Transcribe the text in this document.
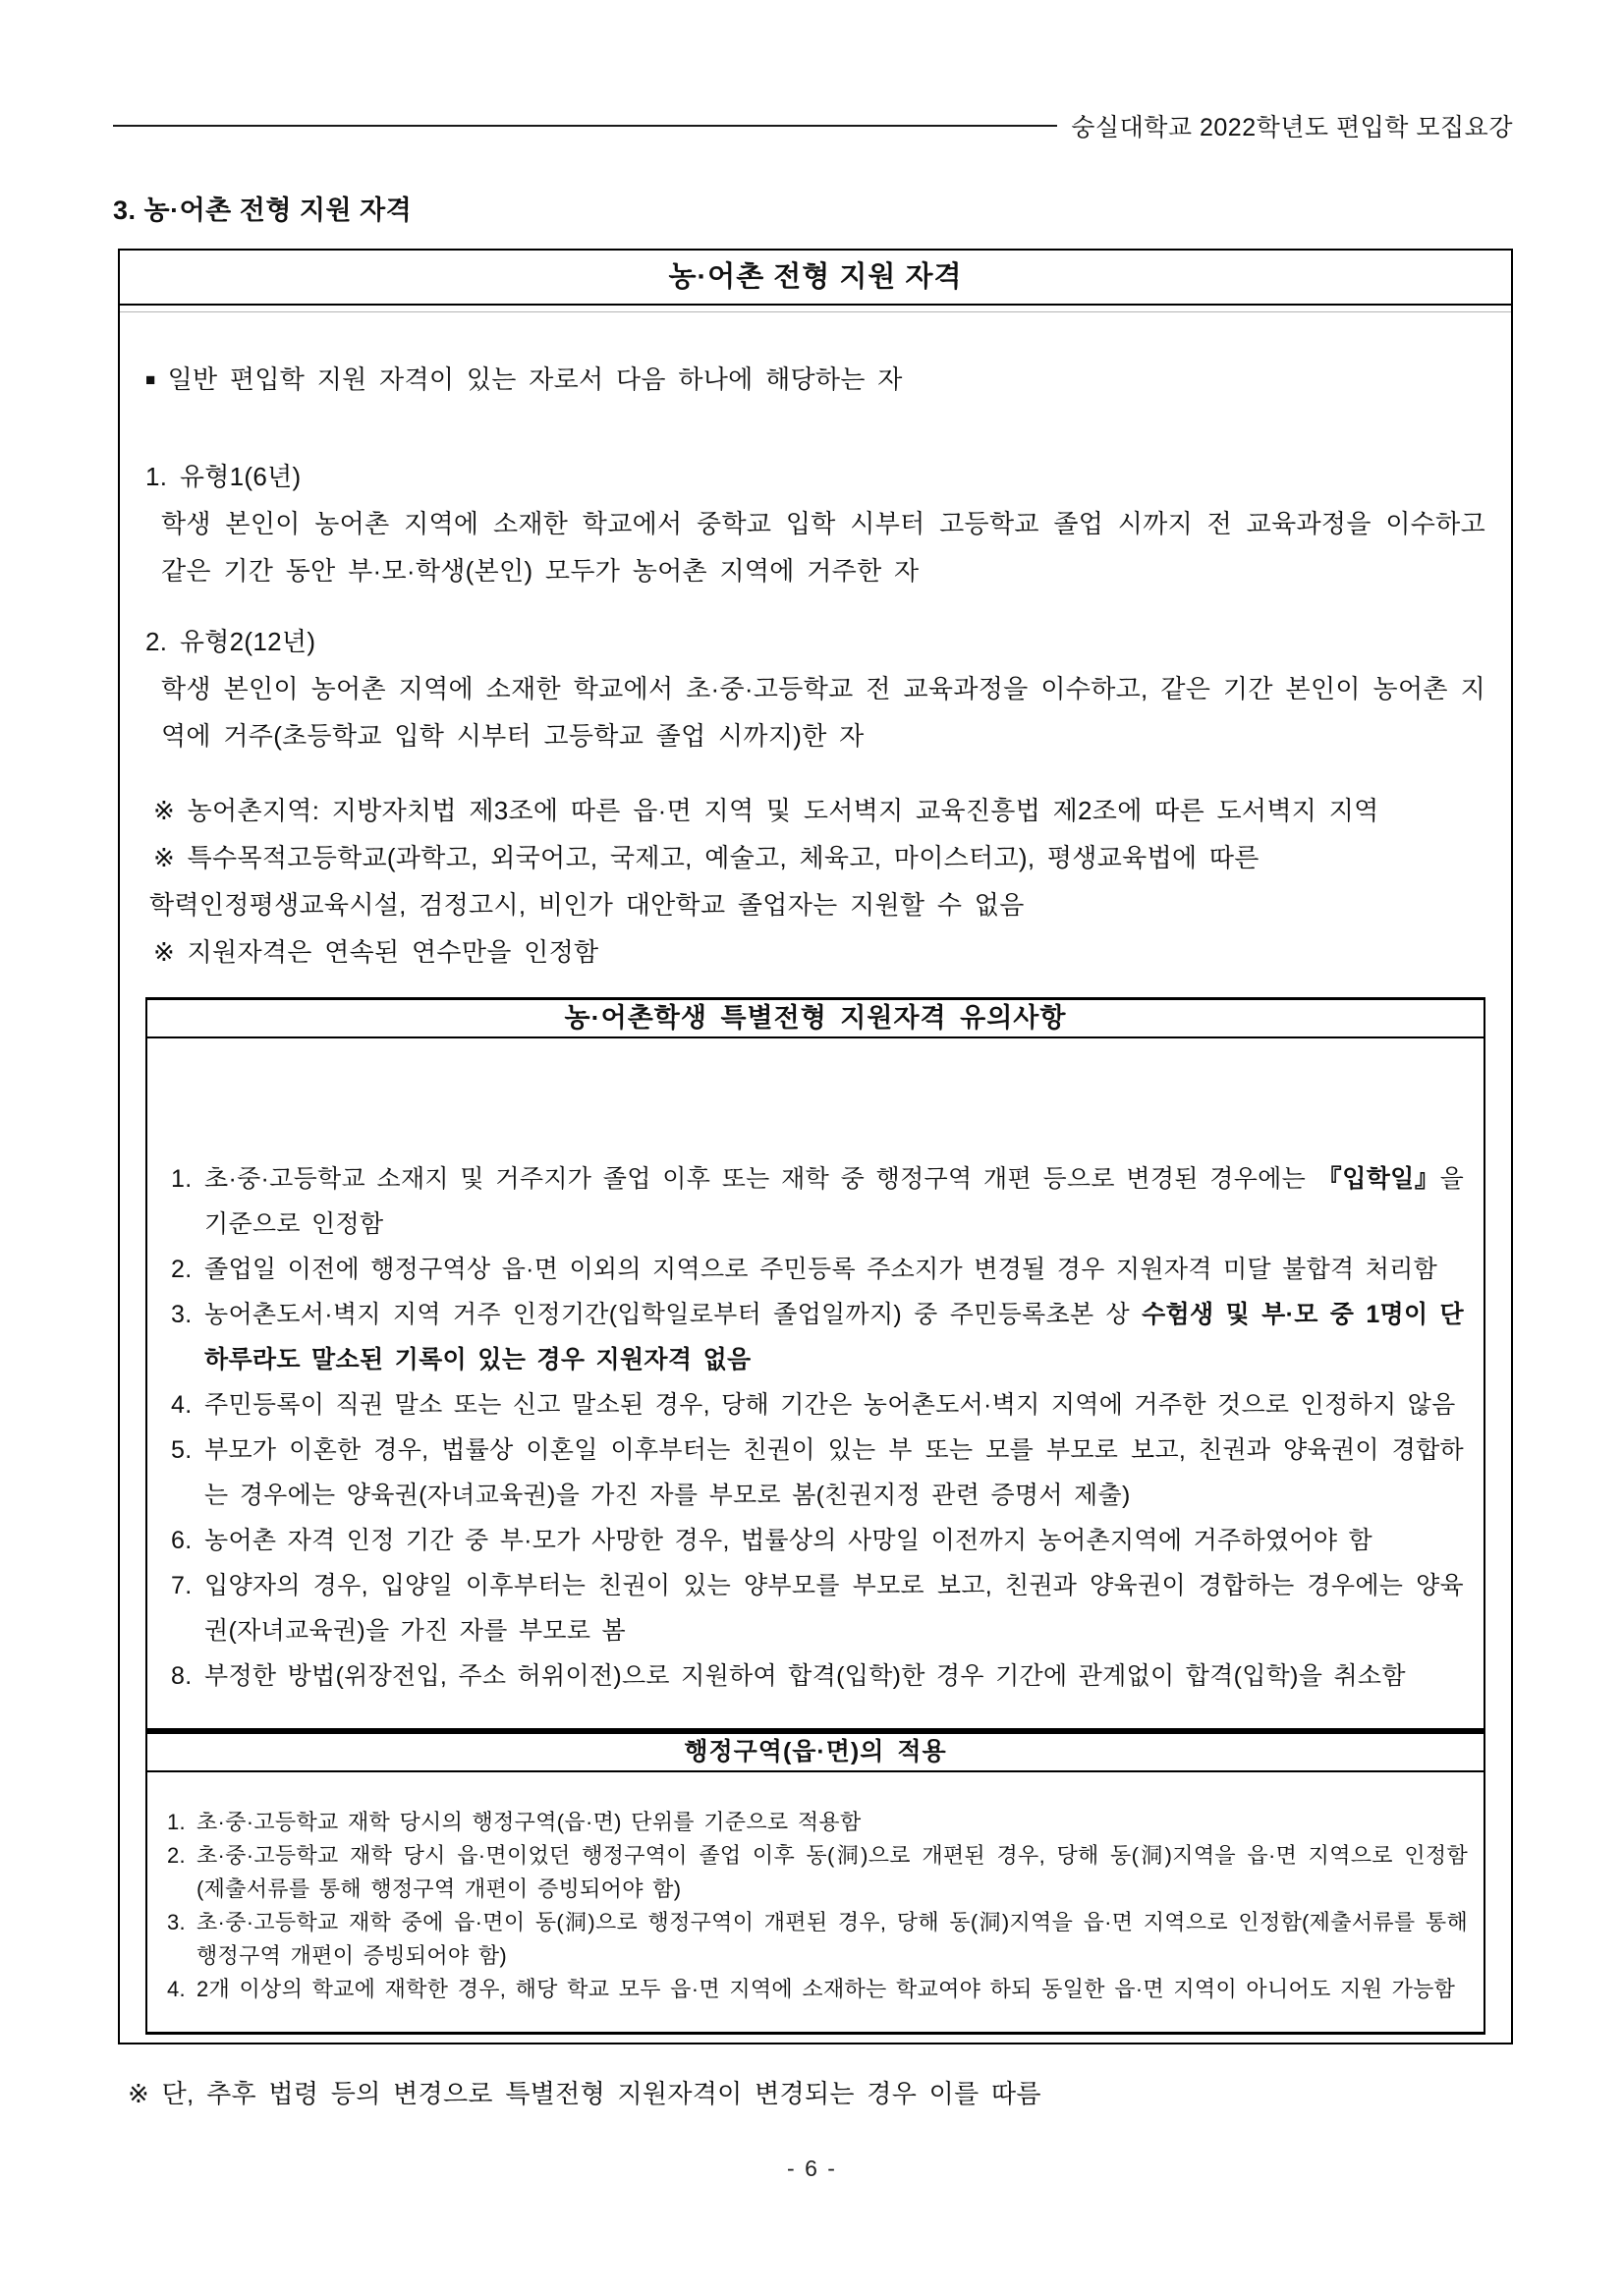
숭실대학교 2022학년도 편입학 모집요강
3. 농·어촌 전형 지원 자격
농·어촌 전형 지원 자격
■ 일반 편입학 지원 자격이 있는 자로서 다음 하나에 해당하는 자
1. 유형1(6년)
학생 본인이 농어촌 지역에 소재한 학교에서 중학교 입학 시부터 고등학교 졸업 시까지 전 교육과정을 이수하고 같은 기간 동안 부·모·학생(본인) 모두가 농어촌 지역에 거주한 자
2. 유형2(12년)
학생 본인이 농어촌 지역에 소재한 학교에서 초·중·고등학교 전 교육과정을 이수하고, 같은 기간 본인이 농어촌 지역에 거주(초등학교 입학 시부터 고등학교 졸업 시까지)한 자
※ 농어촌지역: 지방자치법 제3조에 따른 읍·면 지역 및 도서벽지 교육진흥법 제2조에 따른 도서벽지 지역
※ 특수목적고등학교(과학고, 외국어고, 국제고, 예술고, 체육고, 마이스터고), 평생교육법에 따른
학력인정평생교육시설, 검정고시, 비인가 대안학교 졸업자는 지원할 수 없음
※ 지원자격은 연속된 연수만을 인정함
농·어촌학생 특별전형 지원자격 유의사항
1. 초·중·고등학교 소재지 및 거주지가 졸업 이후 또는 재학 중 행정구역 개편 등으로 변경된 경우에는 『입학일』을 기준으로 인정함
2. 졸업일 이전에 행정구역상 읍·면 이외의 지역으로 주민등록 주소지가 변경될 경우 지원자격 미달 불합격 처리함
3. 농어촌도서·벽지 지역 거주 인정기간(입학일로부터 졸업일까지) 중 주민등록초본 상 수험생 및 부·모 중 1명이 단 하루라도 말소된 기록이 있는 경우 지원자격 없음
4. 주민등록이 직권 말소 또는 신고 말소된 경우, 당해 기간은 농어촌도서·벽지 지역에 거주한 것으로 인정하지 않음
5. 부모가 이혼한 경우, 법률상 이혼일 이후부터는 친권이 있는 부 또는 모를 부모로 보고, 친권과 양육권이 경합하는 경우에는 양육권(자녀교육권)을 가진 자를 부모로 봄(친권지정 관련 증명서 제출)
6. 농어촌 자격 인정 기간 중 부·모가 사망한 경우, 법률상의 사망일 이전까지 농어촌지역에 거주하였어야 함
7. 입양자의 경우, 입양일 이후부터는 친권이 있는 양부모를 부모로 보고, 친권과 양육권이 경합하는 경우에는 양육권(자녀교육권)을 가진 자를 부모로 봄
8. 부정한 방법(위장전입, 주소 허위이전)으로 지원하여 합격(입학)한 경우 기간에 관계없이 합격(입학)을 취소함
행정구역(읍·면)의 적용
1. 초·중·고등학교 재학 당시의 행정구역(읍·면) 단위를 기준으로 적용함
2. 초·중·고등학교 재학 당시 읍·면이었던 행정구역이 졸업 이후 동(洞)으로 개편된 경우, 당해 동(洞)지역을 읍·면 지역으로 인정함 (제출서류를 통해 행정구역 개편이 증빙되어야 함)
3. 초·중·고등학교 재학 중에 읍·면이 동(洞)으로 행정구역이 개편된 경우, 당해 동(洞)지역을 읍·면 지역으로 인정함(제출서류를 통해 행정구역 개편이 증빙되어야 함)
4. 2개 이상의 학교에 재학한 경우, 해당 학교 모두 읍·면 지역에 소재하는 학교여야 하되 동일한 읍·면 지역이 아니어도 지원 가능함
※ 단, 추후 법령 등의 변경으로 특별전형 지원자격이 변경되는 경우 이를 따름
- 6 -
